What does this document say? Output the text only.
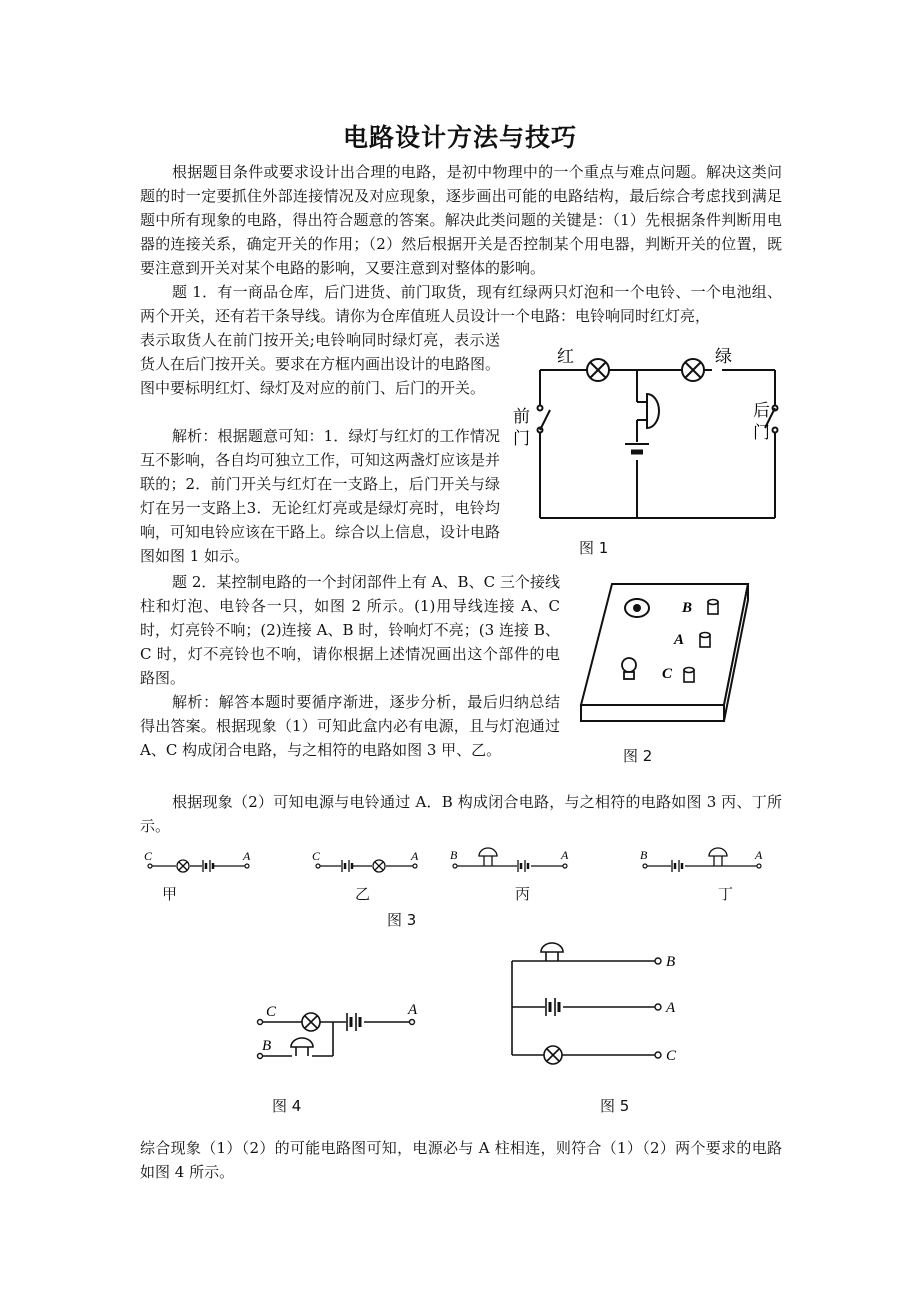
电路设计方法与技巧
根据题目条件或要求设计出合理的电路，是初中物理中的一个重点与难点问题。解决这类问题的时一定要抓住外部连接情况及对应现象，逐步画出可能的电路结构，最后综合考虑找到满足题中所有现象的电路，得出符合题意的答案。解决此类问题的关键是：（1）先根据条件判断用电器的连接关系，确定开关的作用；（2）然后根据开关是否控制某个用电器，判断开关的位置，既要注意到开关对某个电路的影响，又要注意到对整体的影响。
题 1．有一商品仓库，后门进货、前门取货，现有红绿两只灯泡和一个电铃、一个电池组、两个开关，还有若干条导线。请你为仓库值班人员设计一个电路：电铃响同时红灯亮，
表示取货人在前门按开关;电铃响同时绿灯亮，表示送货人在后门按开关。要求在方框内画出设计的电路图。图中要标明红灯、绿灯及对应的前门、后门的开关。
解析：根据题意可知：1．绿灯与红灯的工作情况互不影响，各自均可独立工作，可知这两盏灯应该是并联的；2．前门开关与红灯在一支路上，后门开关与绿灯在另一支路上3．无论红灯亮或是绿灯亮时，电铃均响，可知电铃应该在干路上。综合以上信息，设计电路图如图 1 如示。
题 2．某控制电路的一个封闭部件上有 A、B、C 三个接线柱和灯泡、电铃各一只，如图 2 所示。(1)用导线连接 A、C 时，灯亮铃不响；(2)连接 A、B 时，铃响灯不亮；(3 连接 B、C 时，灯不亮铃也不响，请你根据上述情况画出这个部件的电路图。
解析：解答本题时要循序渐进，逐步分析，最后归纳总结得出答案。根据现象（1）可知此盒内必有电源，且与灯泡通过 A、C 构成闭合电路，与之相符的电路如图 3 甲、乙。
根据现象（2）可知电源与电铃通过 A．B 构成闭合电路，与之相符的电路如图 3 丙、丁所示。
综合现象（1）（2）的可能电路图可知，电源必与 A 柱相连，则符合（1）（2）两个要求的电路如图 4 所示。
红	绿
前
门
后
门
图 1
B
A
C
图 2
C	A
甲
C	A
乙
B	A
丙
B	A
丁
图 3
C	A
B
图 4
B
A
C
图 5
